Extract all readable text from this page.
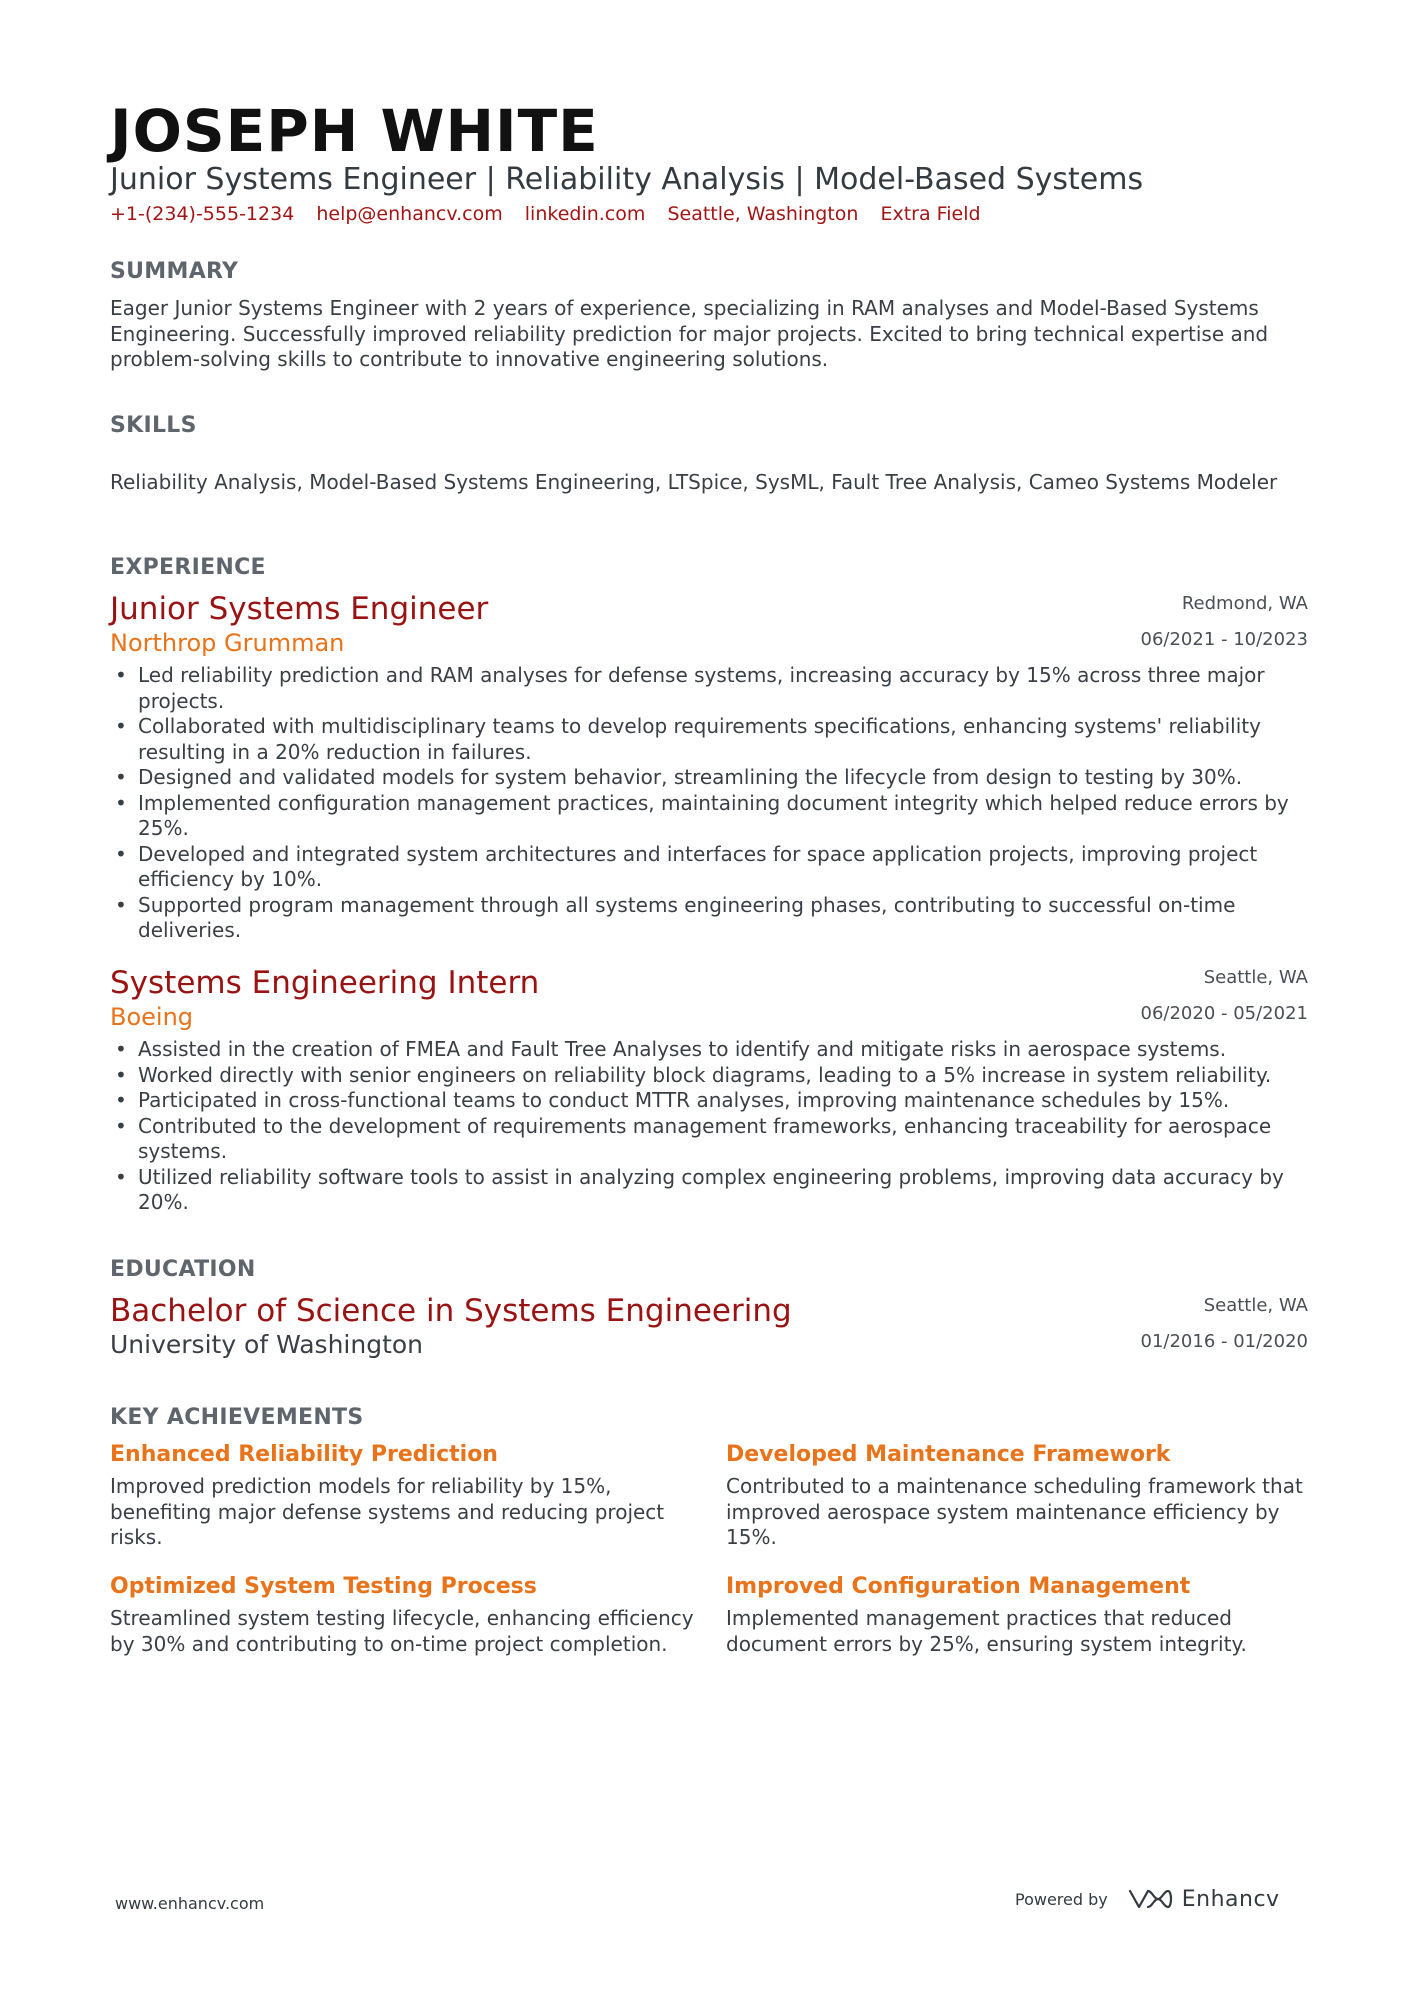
JOSEPH WHITE
Junior Systems Engineer | Reliability Analysis | Model-Based Systems
+1-(234)-555-1234 help@enhancv.com linkedin.com Seattle, Washington Extra Field
SUMMARY
Eager Junior Systems Engineer with 2 years of experience, specializing in RAM analyses and Model-Based Systems Engineering. Successfully improved reliability prediction for major projects. Excited to bring technical expertise and problem-solving skills to contribute to innovative engineering solutions.
SKILLS
Reliability Analysis, Model-Based Systems Engineering, LTSpice, SysML, Fault Tree Analysis, Cameo Systems Modeler
EXPERIENCE
Junior Systems Engineer	Redmond, WA
Northrop Grumman	06/2021 - 10/2023
• Led reliability prediction and RAM analyses for defense systems, increasing accuracy by 15% across three major projects.
• Collaborated with multidisciplinary teams to develop requirements specifications, enhancing systems' reliability resulting in a 20% reduction in failures.
• Designed and validated models for system behavior, streamlining the lifecycle from design to testing by 30%.
• Implemented configuration management practices, maintaining document integrity which helped reduce errors by 25%.
• Developed and integrated system architectures and interfaces for space application projects, improving project efficiency by 10%.
• Supported program management through all systems engineering phases, contributing to successful on-time deliveries.
Systems Engineering Intern	Seattle, WA
Boeing	06/2020 - 05/2021
• Assisted in the creation of FMEA and Fault Tree Analyses to identify and mitigate risks in aerospace systems.
• Worked directly with senior engineers on reliability block diagrams, leading to a 5% increase in system reliability.
• Participated in cross-functional teams to conduct MTTR analyses, improving maintenance schedules by 15%.
• Contributed to the development of requirements management frameworks, enhancing traceability for aerospace systems.
• Utilized reliability software tools to assist in analyzing complex engineering problems, improving data accuracy by 20%.
EDUCATION
Bachelor of Science in Systems Engineering	Seattle, WA
University of Washington	01/2016 - 01/2020
KEY ACHIEVEMENTS
Enhanced Reliability Prediction
Improved prediction models for reliability by 15%, benefiting major defense systems and reducing project risks.
Developed Maintenance Framework
Contributed to a maintenance scheduling framework that improved aerospace system maintenance efficiency by 15%.
Optimized System Testing Process
Streamlined system testing lifecycle, enhancing efficiency by 30% and contributing to on-time project completion.
Improved Configuration Management
Implemented management practices that reduced document errors by 25%, ensuring system integrity.
www.enhancv.com	Powered by	Enhancv
